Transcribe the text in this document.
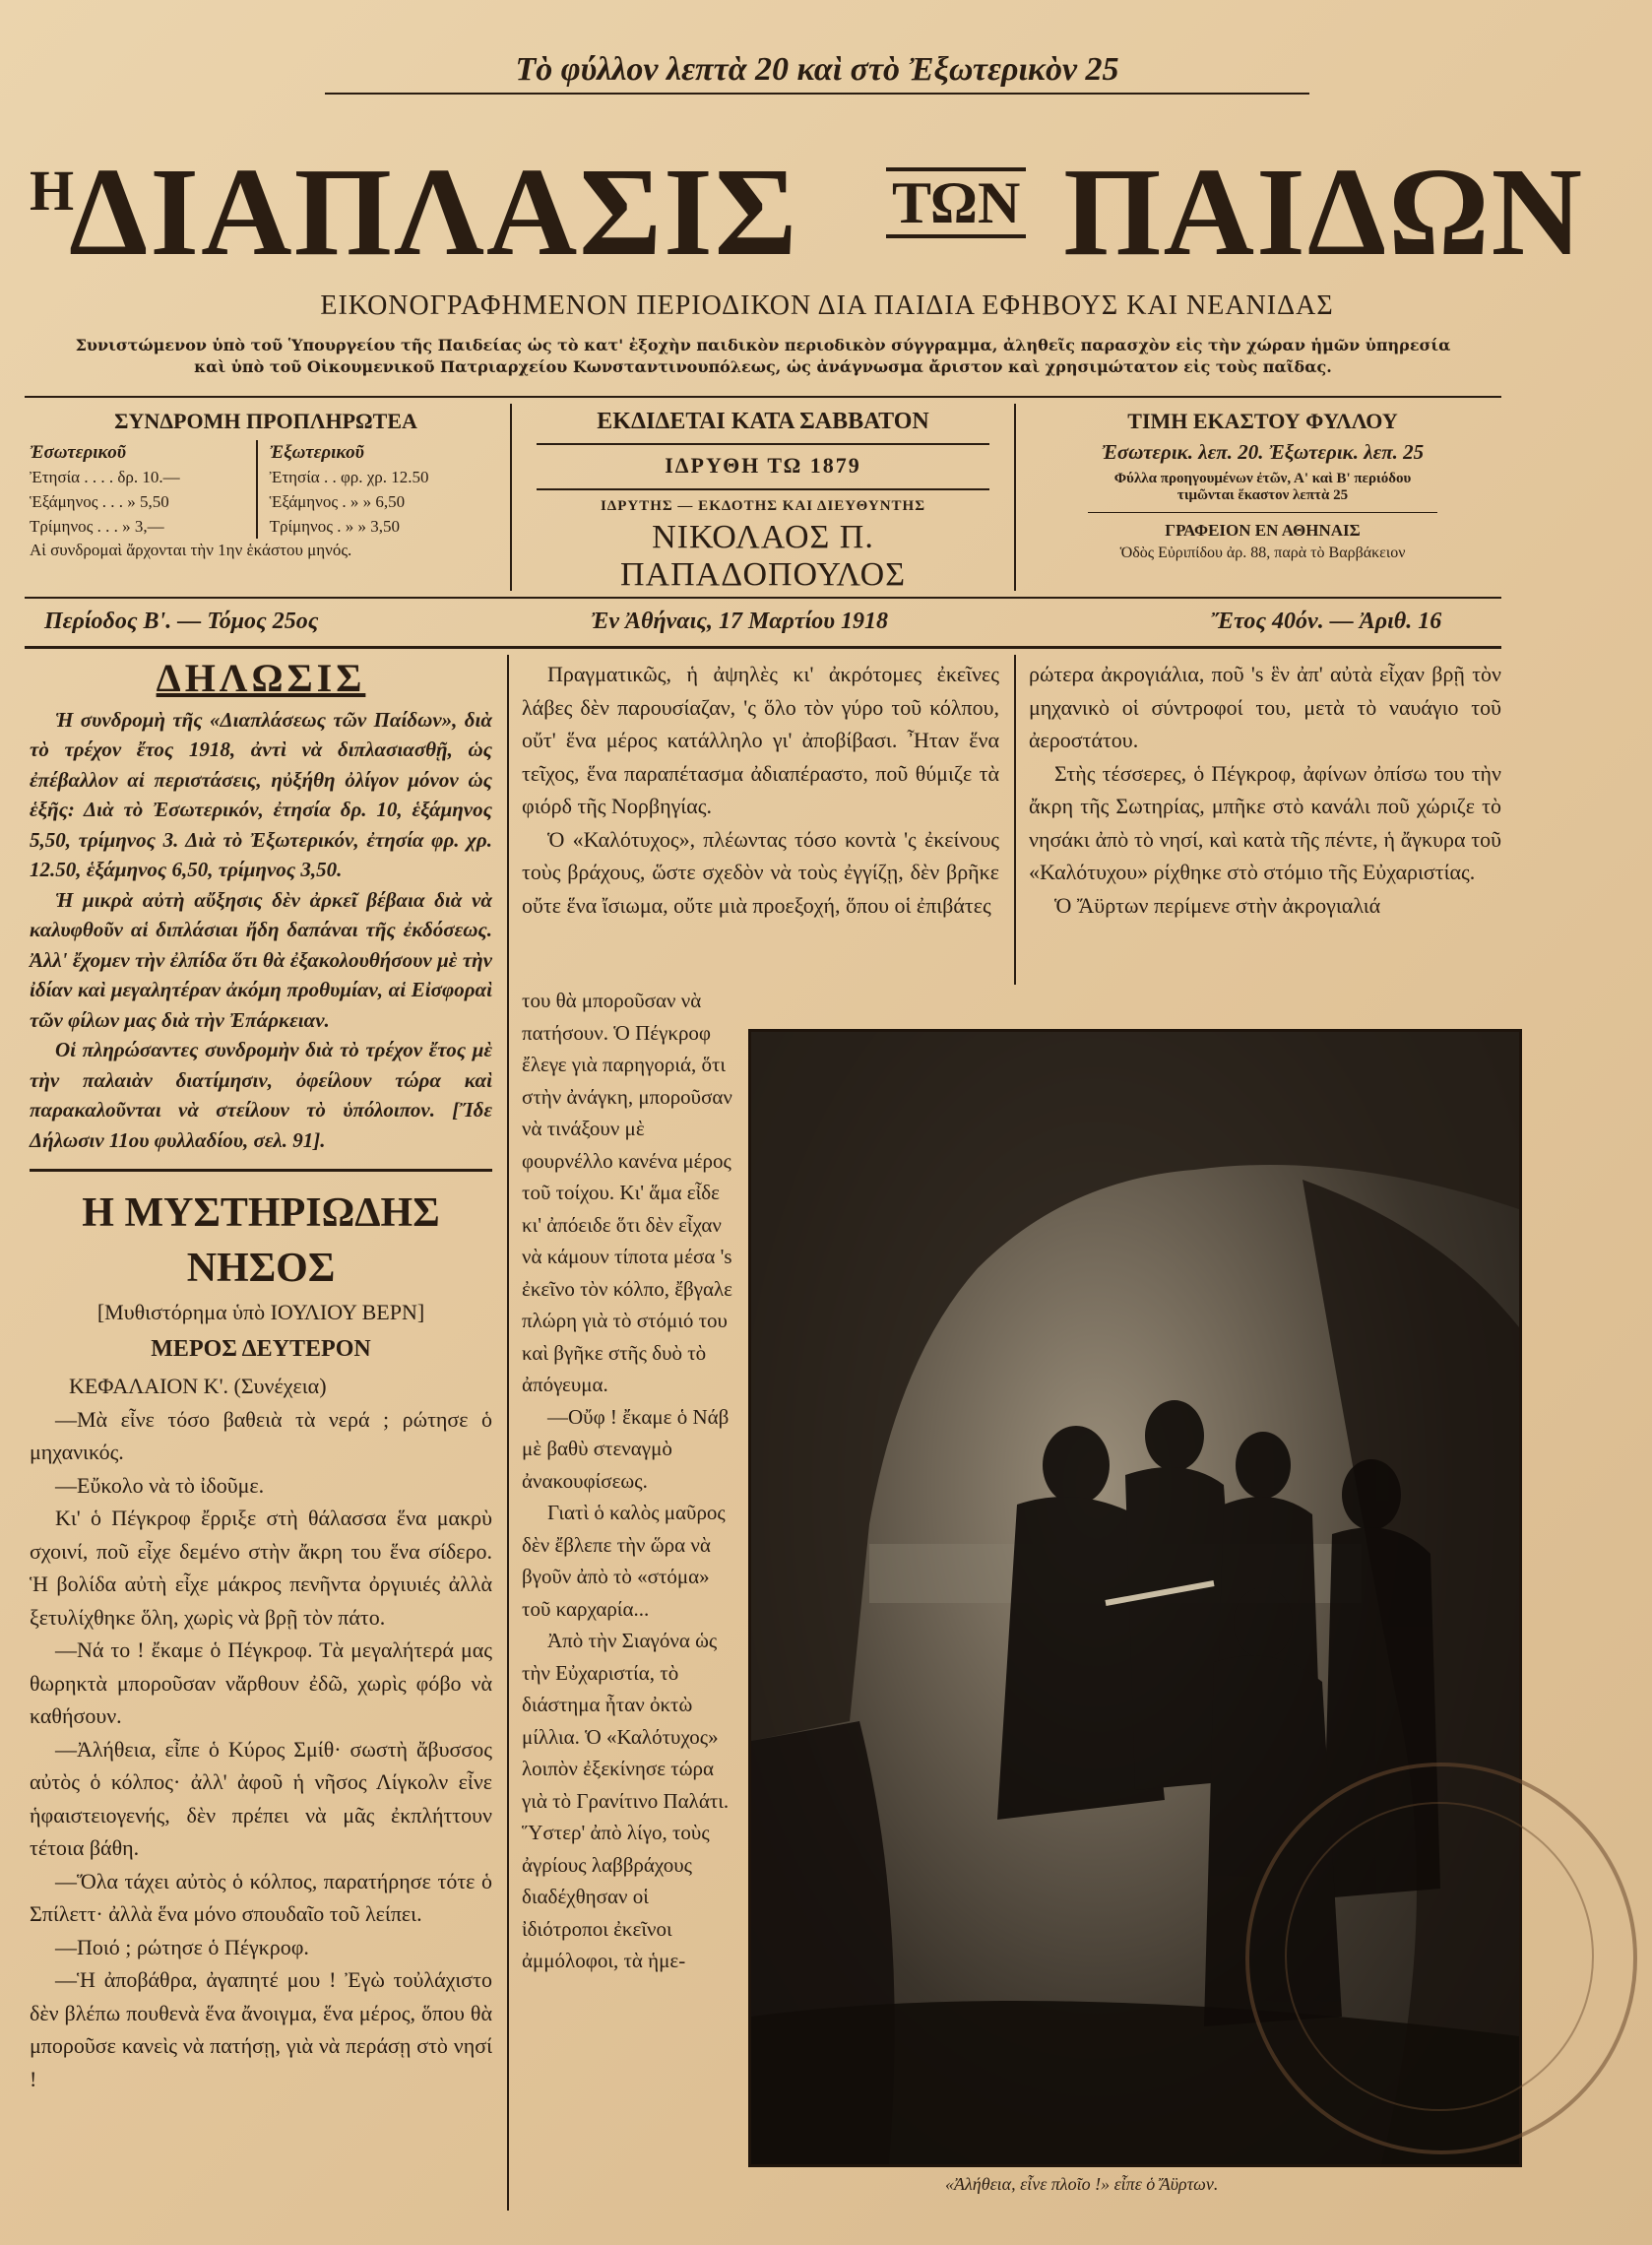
Τὸ φύλλον λεπτὰ 20 καὶ στὸ Ἐξωτερικὸν 25
Η
ΔΙΑΠΛΑΣΙΣ ΤΩΝ ΠΑΙΔΩΝ
ΕΙΚΟΝΟΓΡΑΦΗΜΕΝΟΝ ΠΕΡΙΟΔΙΚΟΝ ΔΙΑ ΠΑΙΔΙΑ ΕΦΗΒΟΥΣ ΚΑΙ ΝΕΑΝΙΔΑΣ
Συνιστώμενον ὑπὸ τοῦ Ὑπουργείου τῆς Παιδείας ὡς τὸ κατ' ἐξοχὴν παιδικὸν περιοδικὸν σύγγραμμα, ἀληθεῖς παρασχὸν εἰς τὴν χώραν ἡμῶν ὑπηρεσία
καὶ ὑπὸ τοῦ Οἰκουμενικοῦ Πατριαρχείου Κωνσταντινουπόλεως, ὡς ἀνάγνωσμα ἄριστον καὶ χρησιμώτατον εἰς τοὺς παῖδας.
ΣΥΝΔΡΟΜΗ ΠΡΟΠΛΗΡΩΤΕΑ
Ἐσωτερικοῦ
Ἐτησία . . . . δρ. 10.—
Ἑξάμηνος . . . » 5,50
Τρίμηνος . . . » 3,—
Ἐξωτερικοῦ
Ἐτησία . . φρ. χρ. 12.50
Ἑξάμηνος . » » 6,50
Τρίμηνος . » » 3,50
Αἱ συνδρομαὶ ἄρχονται τὴν 1ην ἑκάστου μηνός.
ΕΚΔΙΔΕΤΑΙ ΚΑΤΑ ΣΑΒΒΑΤΟΝ
ΙΔΡΥΘΗ ΤΩ 1879
ΙΔΡΥΤΗΣ — ΕΚΔΟΤΗΣ ΚΑΙ ΔΙΕΥΘΥΝΤΗΣ
ΝΙΚΟΛΑΟΣ Π. ΠΑΠΑΔΟΠΟΥΛΟΣ
ΤΙΜΗ ΕΚΑΣΤΟΥ ΦΥΛΛΟΥ
Ἐσωτερικ. λεπ. 20. Ἐξωτερικ. λεπ. 25
Φύλλα προηγουμένων ἐτῶν, Α' καὶ Β' περιόδου
τιμῶνται ἕκαστον λεπτὰ 25
ΓΡΑΦΕΙΟΝ ΕΝ ΑΘΗΝΑΙΣ
Ὁδὸς Εὐριπίδου ἀρ. 88, παρὰ τὸ Βαρβάκειον
Περίοδος Β'. — Τόμος 25ος	Ἐν Ἀθήναις, 17 Μαρτίου 1918	Ἔτος 40όν. — Ἀριθ. 16
ΔΗΛΩΣΙΣ

Ἡ συνδρομὴ τῆς «Διαπλάσεως τῶν Παίδων», διὰ τὸ τρέχον ἔτος 1918, ἀντὶ νὰ διπλασιασθῇ, ὡς ἐπέβαλλον αἱ περιστάσεις, ηὐξήθη ὀλίγον μόνον ὡς ἑξῆς: Διὰ τὸ Ἐσωτερικόν, ἐτησία δρ. 10, ἑξάμηνος 5,50, τρίμηνος 3. Διὰ τὸ Ἐξωτερικόν, ἐτησία φρ. χρ. 12.50, ἑξάμηνος 6,50, τρίμηνος 3,50.

Ἡ μικρὰ αὐτὴ αὔξησις δὲν ἀρκεῖ βέβαια διὰ νὰ καλυφθοῦν αἱ διπλάσιαι ἤδη δαπάναι τῆς ἐκδόσεως. Ἀλλ' ἔχομεν τὴν ἐλπίδα ὅτι θὰ ἐξακολουθήσουν μὲ τὴν ἰδίαν καὶ μεγαλητέραν ἀκόμη προθυμίαν, αἱ Εἰσφοραὶ τῶν φίλων μας διὰ τὴν Ἐπάρκειαν.

Οἱ πληρώσαντες συνδρομὴν διὰ τὸ τρέχον ἔτος μὲ τὴν παλαιὰν διατίμησιν, ὀφείλουν τώρα καὶ παρακαλοῦνται νὰ στείλουν τὸ ὑπόλοιπον. [Ἴδε Δήλωσιν 11ου φυλλαδίου, σελ. 91].

Η ΜΥΣΤΗΡΙΩΔΗΣ ΝΗΣΟΣ
[Μυθιστόρημα ὑπὸ ΙΟΥΛΙΟΥ ΒΕΡΝ]
ΜΕΡΟΣ ΔΕΥΤΕΡΟΝ
ΚΕΦΑΛΑΙΟΝ Κ'. (Συνέχεια)

—Μὰ εἶνε τόσο βαθειὰ τὰ νερά ; ρώτησε ὁ μηχανικός.

—Εὔκολο νὰ τὸ ἰδοῦμε.

Κι' ὁ Πέγκροφ ἔρριξε στὴ θάλασσα ἕνα μακρὺ σχοινί, ποῦ εἶχε δεμένο στὴν ἄκρη του ἕνα σίδερο. Ἡ βολίδα αὐτὴ εἶχε μάκρος πενῆντα ὀργιυιές ἀλλὰ ξετυλίχθηκε ὅλη, χωρὶς νὰ βρῇ τὸν πάτο.

—Νά το ! ἔκαμε ὁ Πέγκροφ. Τὰ μεγαλήτερά μας θωρηκτὰ μποροῦσαν νἄρθουν ἐδῶ, χωρὶς φόβο νὰ καθήσουν.

—Ἀλήθεια, εἶπε ὁ Κύρος Σμίθ· σωστὴ ἄβυσσος αὐτὸς ὁ κόλπος· ἀλλ' ἀφοῦ ἡ νῆσος Λίγκολν εἶνε ἡφαιστειογενής, δὲν πρέπει νὰ μᾶς ἐκπλήττουν τέτοια βάθη.

—Ὅλα τάχει αὐτὸς ὁ κόλπος, παρατήρησε τότε ὁ Σπίλεττ· ἀλλὰ ἕνα μόνο σπουδαῖο τοῦ λείπει.

—Ποιό ; ρώτησε ὁ Πέγκροφ.

—Ἡ ἀποβάθρα, ἀγαπητέ μου ! Ἐγὼ τοὐλάχιστο δὲν βλέπω πουθενὰ ἕνα ἄνοιγμα, ἕνα μέρος, ὅπου θὰ μποροῦσε κανεὶς νὰ πατήσῃ, γιὰ νὰ περάσῃ στὸ νησί !

Πραγματικῶς, ἡ ἀψηλὲς κι' ἀκρότομες ἐκεῖνες λάβες δὲν παρουσίαζαν, 'ς ὅλο τὸν γύρο τοῦ κόλπου, οὔτ' ἕνα μέρος κατάλληλο γι' ἀποβίβασι. Ἦταν ἕνα τεῖχος, ἕνα παραπέτασμα ἀδιαπέραστο, ποῦ θύμιζε τὰ φιόρδ τῆς Νορβηγίας.

Ὁ «Καλότυχος», πλέωντας τόσο κοντὰ 'ς ἐκείνους τοὺς βράχους, ὥστε σχεδὸν νὰ τοὺς ἐγγίζῃ, δὲν βρῆκε οὔτε ἕνα ἴσιωμα, οὔτε μιὰ προεξοχή, ὅπου οἱ ἐπιβάτες

του θὰ μποροῦσαν νὰ πατήσουν. Ὁ Πέγκροφ ἔλεγε γιὰ παρηγοριά, ὅτι στὴν ἀνάγκη, μποροῦσαν νὰ τινάξουν μὲ φουρνέλλο κανένα μέρος τοῦ τοίχου. Κι' ἅμα εἶδε κι' ἀπόειδε ὅτι δὲν εἶχαν νὰ κάμουν τίποτα μέσα 's ἐκεῖνο τὸν κόλπο, ἔβγαλε πλώρη γιὰ τὸ στόμιό του καὶ βγῆκε στῆς δυὸ τὸ ἀπόγευμα.

—Οὔφ ! ἔκαμε ὁ Νάβ μὲ βαθὺ στεναγμὸ ἀνακουφίσεως.

Γιατὶ ὁ καλὸς μαῦρος δὲν ἔβλεπε τὴν ὥρα νὰ βγοῦν ἀπὸ τὸ «στόμα» τοῦ καρχαρία...

Ἀπὸ τὴν Σιαγόνα ὡς τὴν Εὐχαριστία, τὸ διάστημα ἦταν ὀκτὼ μίλλια. Ὁ «Καλότυχος» λοιπὸν ἐξεκίνησε τώρα γιὰ τὸ Γρανίτινο Παλάτι. Ὕστερ' ἀπὸ λίγο, τοὺς ἀγρίους λαββράχους διαδέχθησαν οἱ ἰδιότροποι ἐκεῖνοι ἀμμόλοφοι, τὰ ἡμε-

ρώτερα ἀκρογιάλια, ποῦ 's ἓν ἀπ' αὐτὰ εἶχαν βρῇ τὸν μηχανικὸ οἱ σύντροφοί του, μετὰ τὸ ναυάγιο τοῦ ἀεροστάτου.

Στὴς τέσσερες, ὁ Πέγκροφ, ἀφίνων ὀπίσω του τὴν ἄκρη τῆς Σωτηρίας, μπῆκε στὸ κανάλι ποῦ χώριζε τὸ νησάκι ἀπὸ τὸ νησί, καὶ κατὰ τῆς πέντε, ἡ ἄγκυρα τοῦ «Καλότυχου» ρίχθηκε στὸ στόμιο τῆς Εὐχαριστίας.

Ὁ Ἄϋρτων περίμενε στὴν ἀκρογιαλιά

«Ἀλήθεια, εἶνε πλοῖο !» εἶπε ὁ Ἄϋρτων.
